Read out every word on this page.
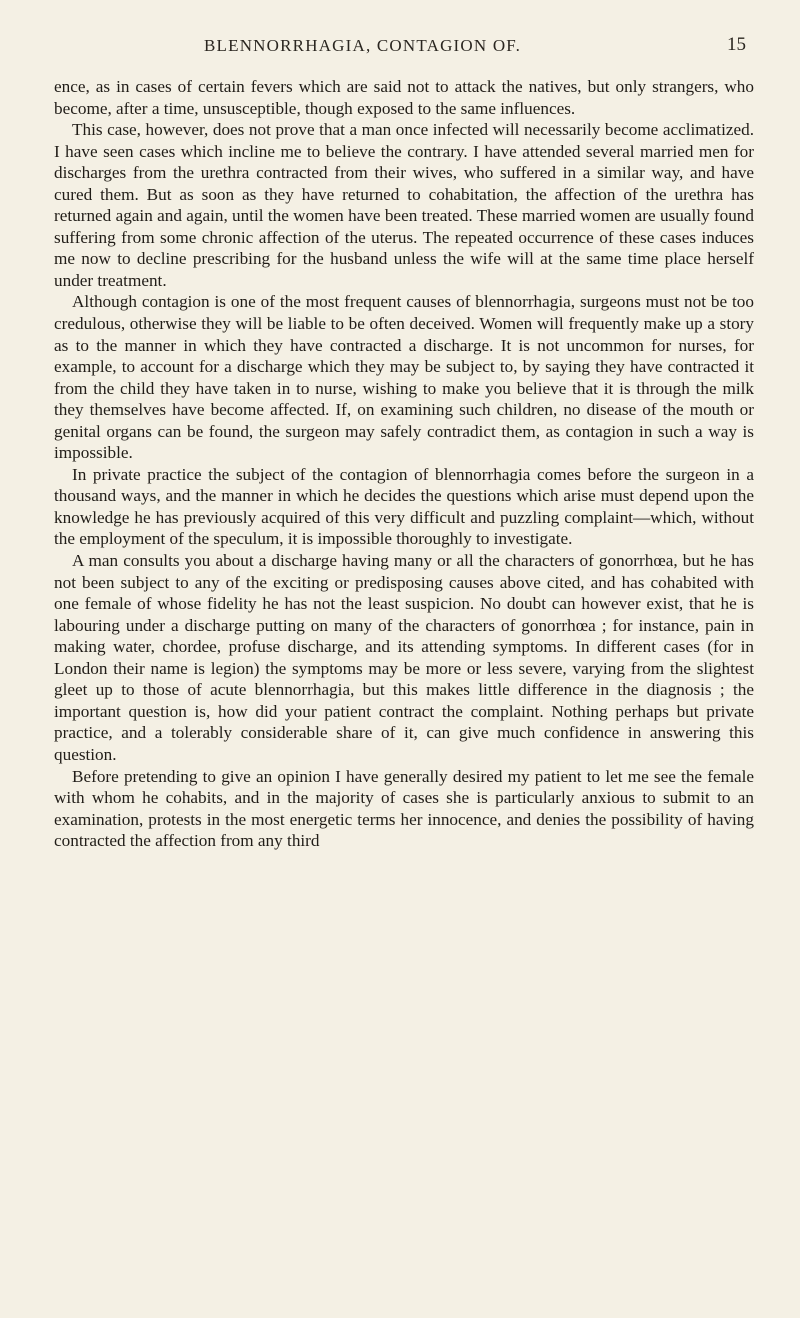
BLENNORRHAGIA, CONTAGION OF.	15

ence, as in cases of certain fevers which are said not to attack the natives, but only strangers, who become, after a time, unsusceptible, though exposed to the same influences.

This case, however, does not prove that a man once infected will necessarily become acclimatized. I have seen cases which incline me to believe the contrary. I have attended several married men for discharges from the urethra contracted from their wives, who suffered in a similar way, and have cured them. But as soon as they have returned to cohabitation, the affection of the urethra has returned again and again, until the women have been treated. These married women are usually found suffering from some chronic affection of the uterus. The repeated occurrence of these cases induces me now to decline prescribing for the husband unless the wife will at the same time place herself under treatment.

Although contagion is one of the most frequent causes of blennorrhagia, surgeons must not be too credulous, otherwise they will be liable to be often deceived. Women will frequently make up a story as to the manner in which they have contracted a discharge. It is not uncommon for nurses, for example, to account for a discharge which they may be subject to, by saying they have contracted it from the child they have taken in to nurse, wishing to make you believe that it is through the milk they themselves have become affected. If, on examining such children, no disease of the mouth or genital organs can be found, the surgeon may safely contradict them, as contagion in such a way is impossible.

In private practice the subject of the contagion of blennorrhagia comes before the surgeon in a thousand ways, and the manner in which he decides the questions which arise must depend upon the knowledge he has previously acquired of this very difficult and puzzling complaint—which, without the employment of the speculum, it is impossible thoroughly to investigate.

A man consults you about a discharge having many or all the characters of gonorrhœa, but he has not been subject to any of the exciting or predisposing causes above cited, and has cohabited with one female of whose fidelity he has not the least suspicion. No doubt can however exist, that he is labouring under a discharge putting on many of the characters of gonorrhœa ; for instance, pain in making water, chordee, profuse discharge, and its attending symptoms. In different cases (for in London their name is legion) the symptoms may be more or less severe, varying from the slightest gleet up to those of acute blennorrhagia, but this makes little difference in the diagnosis ; the important question is, how did your patient contract the complaint. Nothing perhaps but private practice, and a tolerably considerable share of it, can give much confidence in answering this question.

Before pretending to give an opinion I have generally desired my patient to let me see the female with whom he cohabits, and in the majority of cases she is particularly anxious to submit to an examination, protests in the most energetic terms her innocence, and denies the possibility of having contracted the affection from any third
